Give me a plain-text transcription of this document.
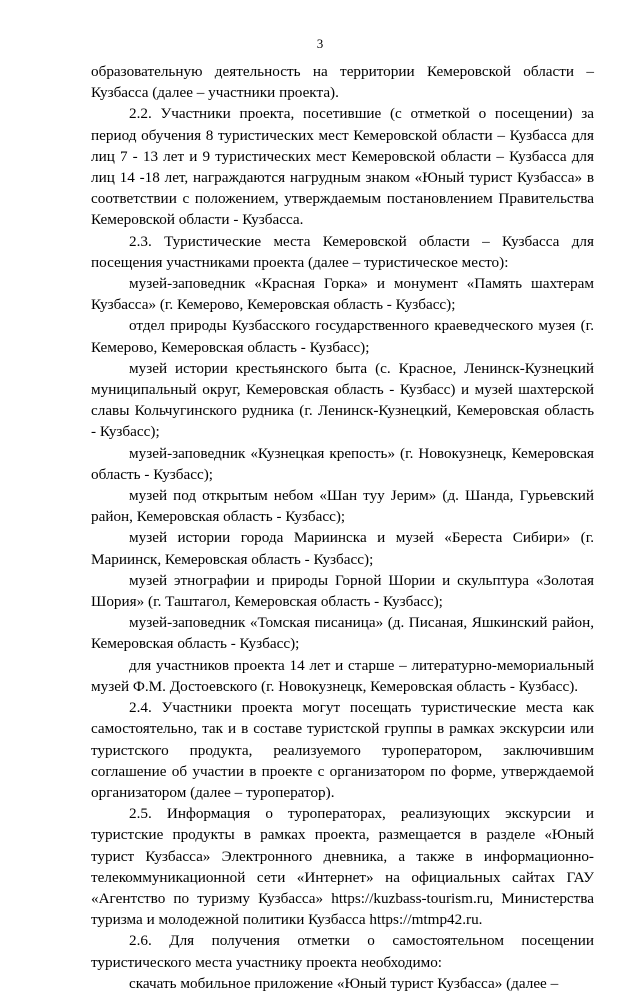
3

образовательную деятельность на территории Кемеровской области – Кузбасса (далее – участники проекта).

2.2. Участники проекта, посетившие (с отметкой о посещении) за период обучения 8 туристических мест Кемеровской области – Кузбасса для лиц 7 - 13 лет и 9 туристических мест Кемеровской области – Кузбасса для лиц 14 -18 лет, награждаются нагрудным знаком «Юный турист Кузбасса» в соответствии с положением, утверждаемым постановлением Правительства Кемеровской области - Кузбасса.

2.3. Туристические места Кемеровской области – Кузбасса для посещения участниками проекта (далее – туристическое место):

музей-заповедник «Красная Горка» и монумент «Память шахтерам Кузбасса» (г. Кемерово, Кемеровская область - Кузбасс);

отдел природы Кузбасского государственного краеведческого музея (г. Кемерово, Кемеровская область - Кузбасс);

музей истории крестьянского быта (с. Красное, Ленинск-Кузнецкий муниципальный округ, Кемеровская область - Кузбасс) и музей шахтерской славы Кольчугинского рудника (г. Ленинск-Кузнецкий, Кемеровская область - Кузбасс);

музей-заповедник «Кузнецкая крепость» (г. Новокузнецк, Кемеровская область - Кузбасс);

музей под открытым небом «Шан туу Јерим» (д. Шанда, Гурьевский район, Кемеровская область - Кузбасс);

музей истории города Мариинска и музей «Береста Сибири» (г. Мариинск, Кемеровская область - Кузбасс);

музей этнографии и природы Горной Шории и скульптура «Золотая Шория» (г. Таштагол, Кемеровская область - Кузбасс);

музей-заповедник «Томская писаница» (д. Писаная, Яшкинский район, Кемеровская область - Кузбасс);

для участников проекта 14 лет и старше – литературно-мемориальный музей Ф.М. Достоевского (г. Новокузнецк, Кемеровская область - Кузбасс).

2.4. Участники проекта могут посещать туристические места как самостоятельно, так и в составе туристской группы в рамках экскурсии или туристского продукта, реализуемого туроператором, заключившим соглашение об участии в проекте с организатором по форме, утверждаемой организатором (далее – туроператор).

2.5. Информация о туроператорах, реализующих экскурсии и туристские продукты в рамках проекта, размещается в разделе «Юный турист Кузбасса» Электронного дневника, а также в информационно-телекоммуникационной сети «Интернет» на официальных сайтах ГАУ «Агентство по туризму Кузбасса» https://kuzbass-tourism.ru, Министерства туризма и молодежной политики Кузбасса https://mtmp42.ru.

2.6. Для получения отметки о самостоятельном посещении туристического места участнику проекта необходимо:

скачать мобильное приложение «Юный турист Кузбасса» (далее –
